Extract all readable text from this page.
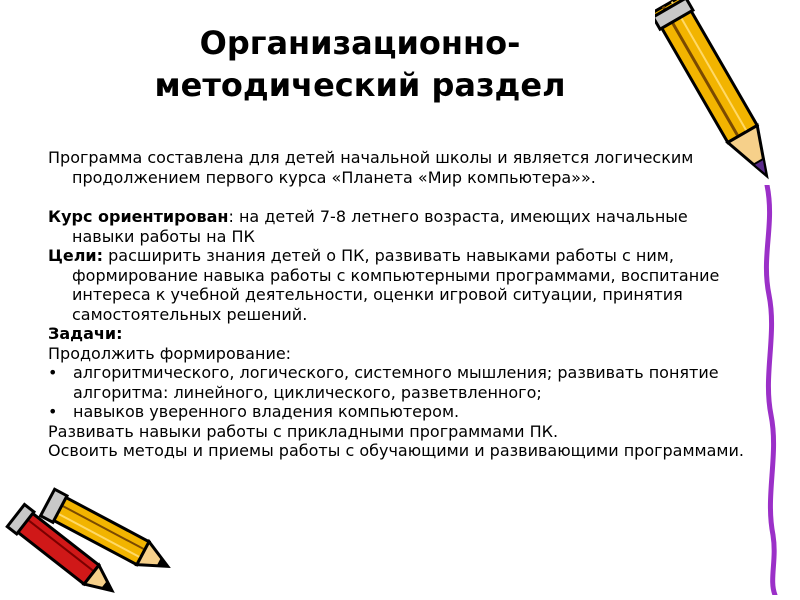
Организационно-
методический раздел

Программа составлена для детей начальной школы и является логическим продолжением первого курса «Планета «Мир компьютера»».

Курс ориентирован: на детей 7-8 летнего возраста, имеющих начальные навыки работы на ПК

Цели: расширить знания детей о ПК, развивать навыками работы с ним, формирование навыка работы с компьютерными программами, воспитание интереса к учебной деятельности, оценки игровой ситуации, принятия самостоятельных решений.

Задачи:

Продолжить формирование:

• алгоритмического, логического, системного мышления; развивать понятие алгоритма: линейного, циклического, разветвленного;

• навыков уверенного владения компьютером.

Развивать навыки работы с прикладными программами ПК.

Освоить методы и приемы работы с обучающими и развивающими программами.
